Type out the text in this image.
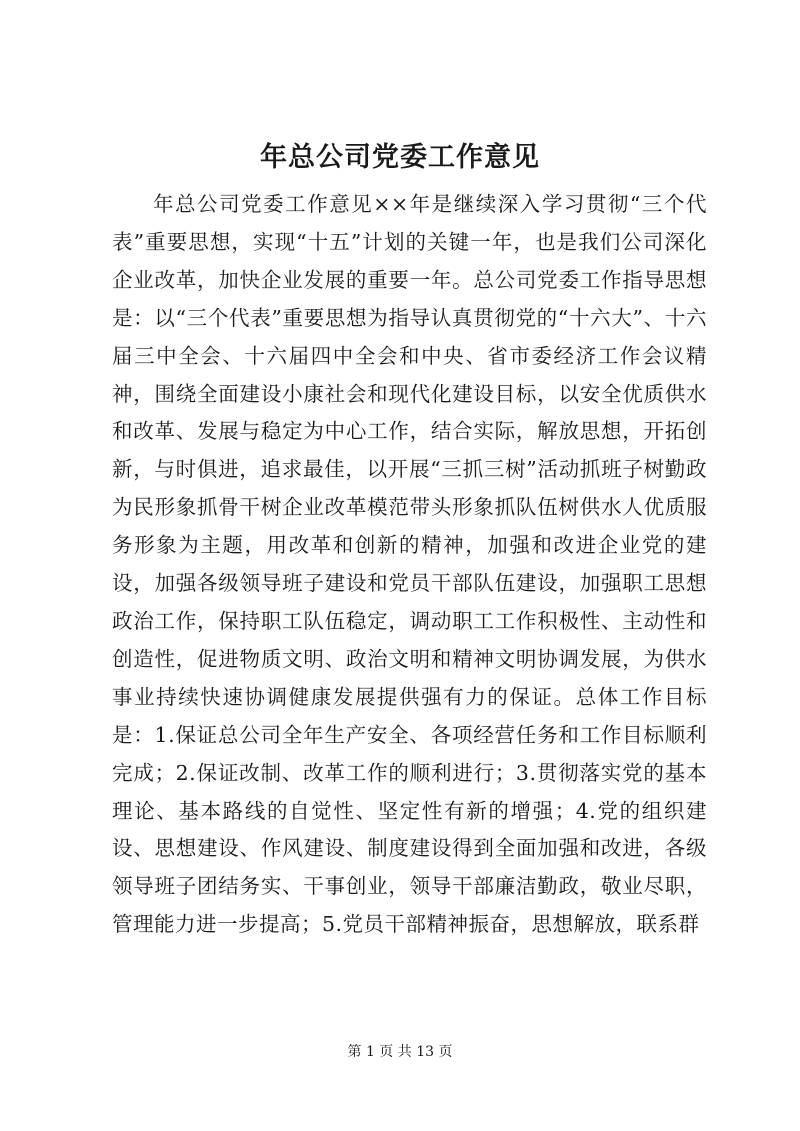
年总公司党委工作意见

年总公司党委工作意见××年是继续深入学习贯彻“三个代表”重要思想，实现“十五”计划的关键一年，也是我们公司深化企业改革，加快企业发展的重要一年。总公司党委工作指导思想是：以“三个代表”重要思想为指导认真贯彻党的“十六大”、十六届三中全会、十六届四中全会和中央、省市委经济工作会议精神，围绕全面建设小康社会和现代化建设目标，以安全优质供水和改革、发展与稳定为中心工作，结合实际，解放思想，开拓创新，与时俱进，追求最佳，以开展“三抓三树”活动抓班子树勤政为民形象抓骨干树企业改革模范带头形象抓队伍树供水人优质服务形象为主题，用改革和创新的精神，加强和改进企业党的建设，加强各级领导班子建设和党员干部队伍建设，加强职工思想政治工作，保持职工队伍稳定，调动职工工作积极性、主动性和创造性，促进物质文明、政治文明和精神文明协调发展，为供水事业持续快速协调健康发展提供强有力的保证。总体工作目标是：1.保证总公司全年生产安全、各项经营任务和工作目标顺利完成；2.保证改制、改革工作的顺利进行；3.贯彻落实党的基本理论、基本路线的自觉性、坚定性有新的增强；4.党的组织建设、思想建设、作风建设、制度建设得到全面加强和改进，各级领导班子团结务实、干事创业，领导干部廉洁勤政，敬业尽职，管理能力进一步提高；5.党员干部精神振奋，思想解放，联系群

第 1 页 共 13 页
